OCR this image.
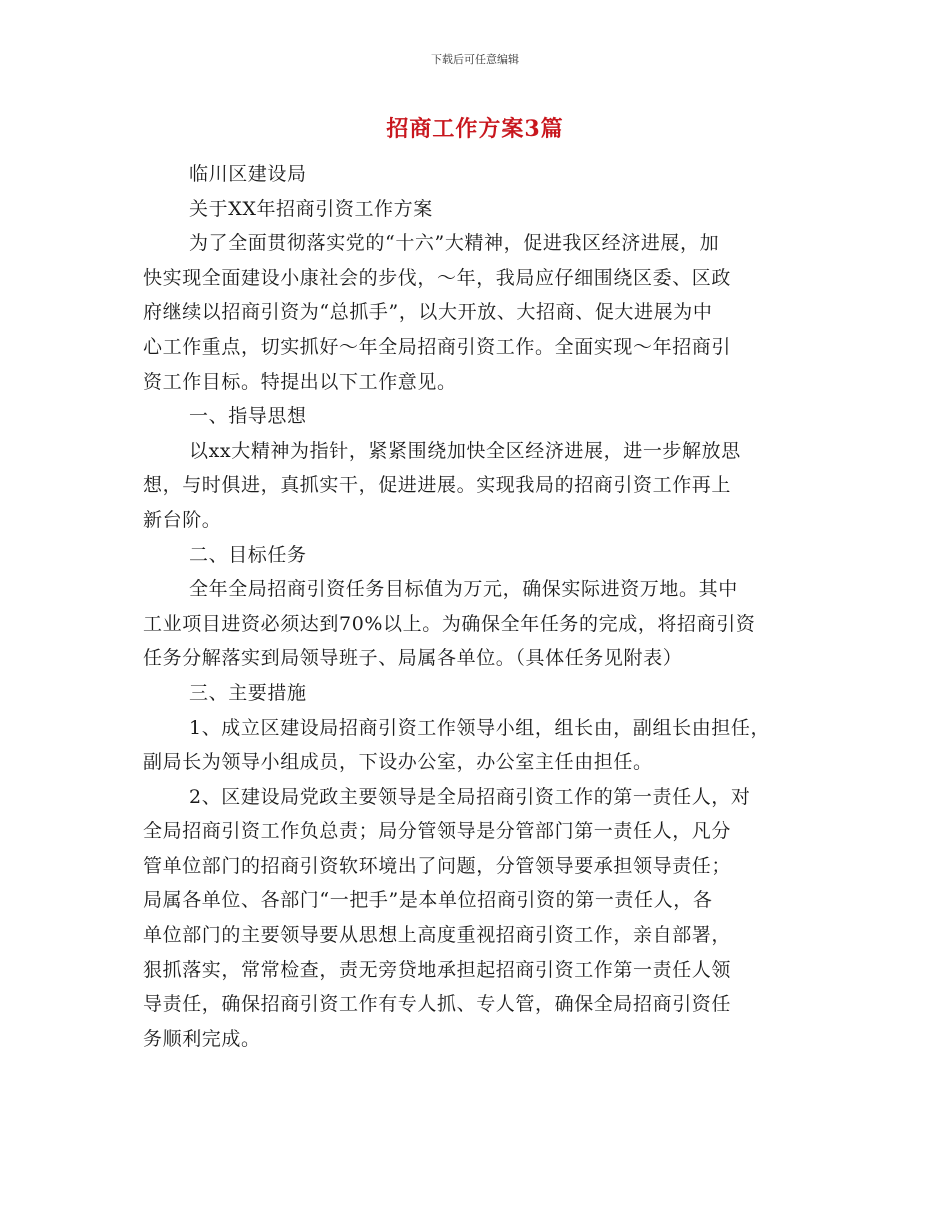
下载后可任意编辑
招商工作方案3篇
临川区建设局
关于XX年招商引资工作方案
为了全面贯彻落实党的“十六”大精神，促进我区经济进展，加
快实现全面建设小康社会的步伐，～年，我局应仔细围绕区委、区政
府继续以招商引资为“总抓手”，以大开放、大招商、促大进展为中
心工作重点，切实抓好～年全局招商引资工作。全面实现～年招商引
资工作目标。特提出以下工作意见。
一、指导思想
以xx大精神为指针，紧紧围绕加快全区经济进展，进一步解放思
想，与时俱进，真抓实干，促进进展。实现我局的招商引资工作再上
新台阶。
二、目标任务
全年全局招商引资任务目标值为万元，确保实际进资万地。其中
工业项目进资必须达到70%以上。为确保全年任务的完成，将招商引资
任务分解落实到局领导班子、局属各单位。（具体任务见附表）
三、主要措施
1、成立区建设局招商引资工作领导小组，组长由，副组长由担任，
副局长为领导小组成员，下设办公室，办公室主任由担任。
2、区建设局党政主要领导是全局招商引资工作的第一责任人，对
全局招商引资工作负总责；局分管领导是分管部门第一责任人，凡分
管单位部门的招商引资软环境出了问题，分管领导要承担领导责任；
局属各单位、各部门“一把手”是本单位招商引资的第一责任人，各
单位部门的主要领导要从思想上高度重视招商引资工作，亲自部署，
狠抓落实，常常检查，责无旁贷地承担起招商引资工作第一责任人领
导责任，确保招商引资工作有专人抓、专人管，确保全局招商引资任
务顺利完成。
